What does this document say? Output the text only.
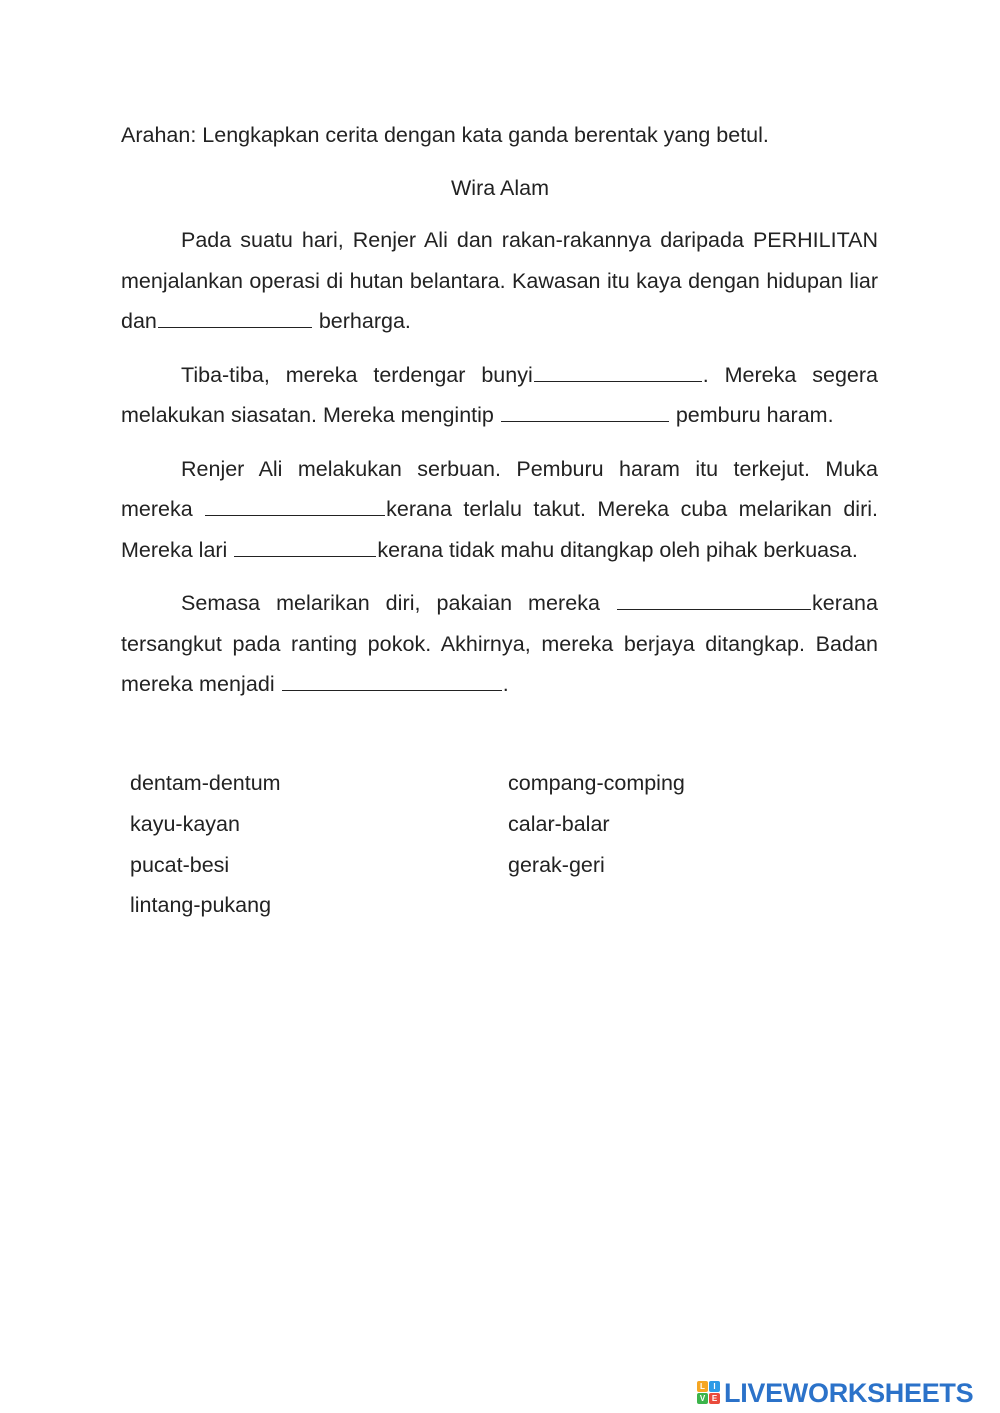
Arahan: Lengkapkan cerita dengan kata ganda berentak yang betul.
Wira Alam

Pada suatu hari, Renjer Ali dan rakan-rakannya daripada PERHILITAN menjalankan operasi di hutan belantara. Kawasan itu kaya dengan hidupan liar dan	berharga.

Tiba-tiba, mereka terdengar bunyi	. Mereka segera melakukan siasatan. Mereka mengintip	pemburu haram.

Renjer Ali melakukan serbuan. Pemburu haram itu terkejut. Muka mereka	kerana terlalu takut. Mereka cuba melarikan diri. Mereka lari	kerana tidak mahu ditangkap oleh pihak berkuasa.

Semasa melarikan diri, pakaian mereka	kerana tersangkut pada ranting pokok. Akhirnya, mereka berjaya ditangkap. Badan mereka menjadi	.

dentam-dentum
kayu-kayan
pucat-besi
lintang-pukang
compang-comping
calar-balar
gerak-geri
L	I
V E LIVEWORKSHEETS
